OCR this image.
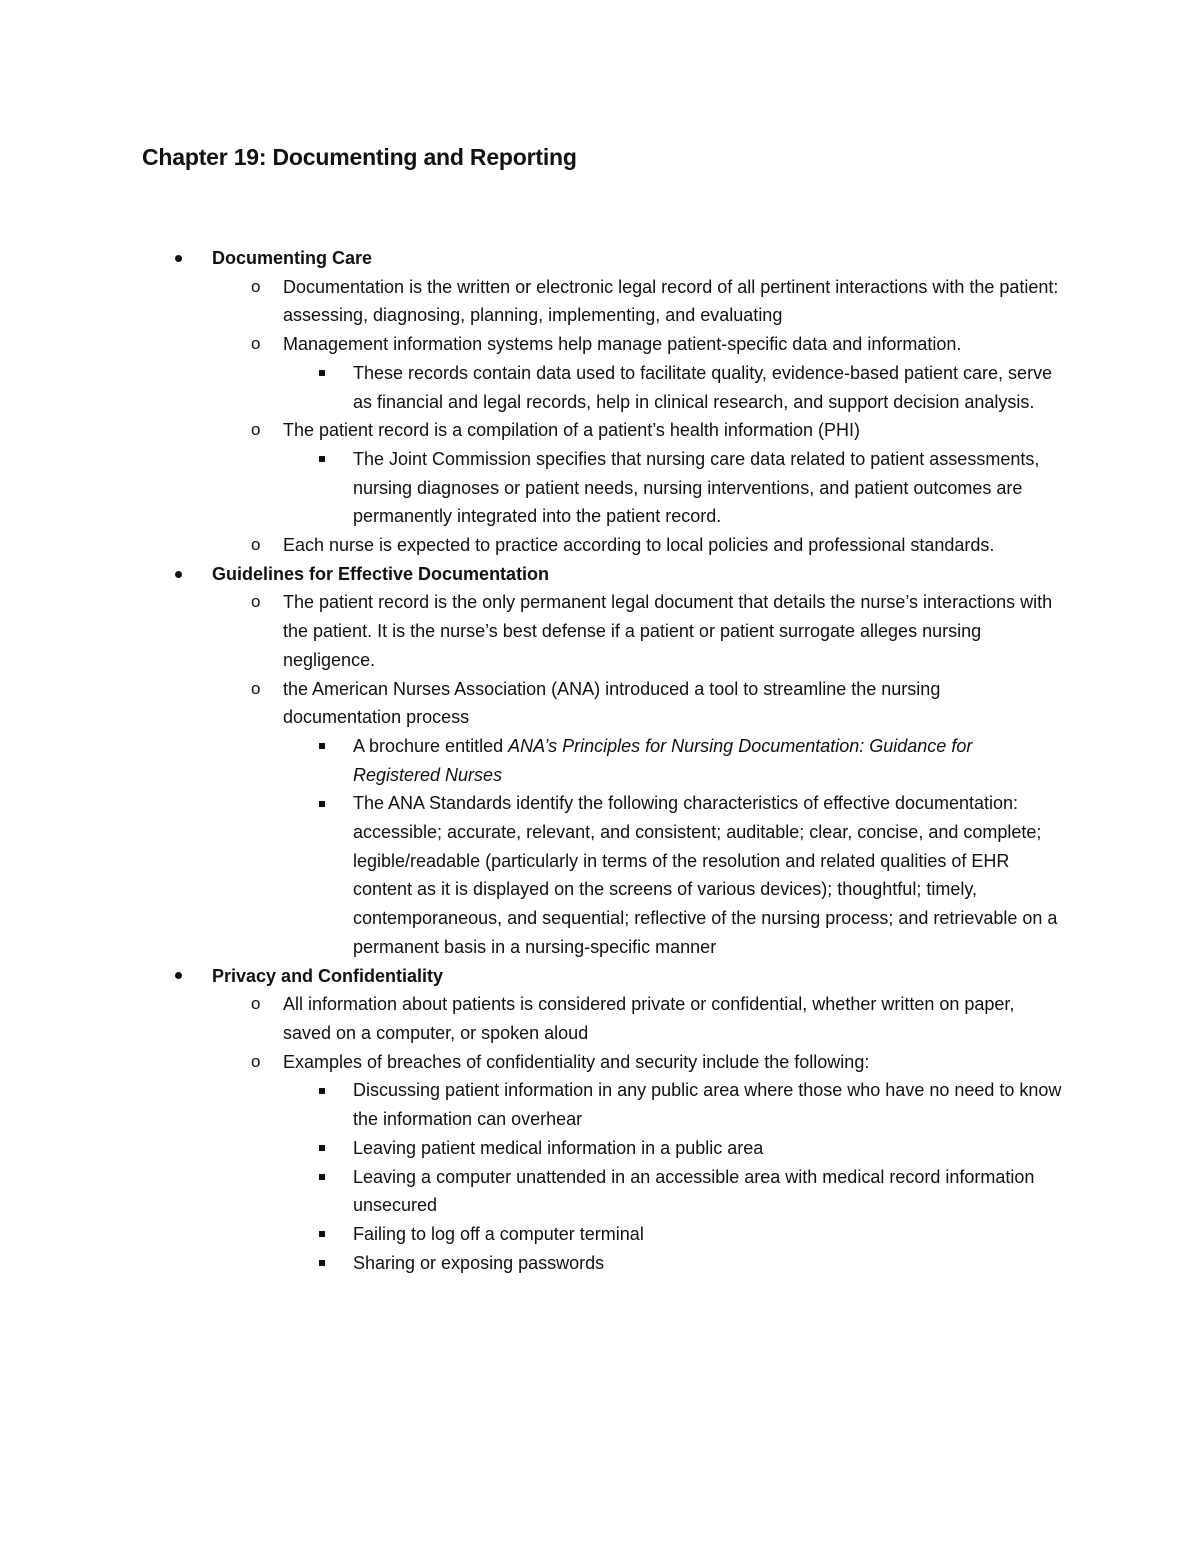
Chapter 19: Documenting and Reporting
Documenting Care
o Documentation is the written or electronic legal record of all pertinent interactions with the patient: assessing, diagnosing, planning, implementing, and evaluating
o Management information systems help manage patient-specific data and information.
These records contain data used to facilitate quality, evidence-based patient care, serve as financial and legal records, help in clinical research, and support decision analysis.
o The patient record is a compilation of a patient’s health information (PHI)
The Joint Commission specifies that nursing care data related to patient assessments, nursing diagnoses or patient needs, nursing interventions, and patient outcomes are permanently integrated into the patient record.
o Each nurse is expected to practice according to local policies and professional standards.
Guidelines for Effective Documentation
o The patient record is the only permanent legal document that details the nurse’s interactions with the patient. It is the nurse’s best defense if a patient or patient surrogate alleges nursing negligence.
o the American Nurses Association (ANA) introduced a tool to streamline the nursing documentation process
A brochure entitled ANA’s Principles for Nursing Documentation: Guidance for Registered Nurses
The ANA Standards identify the following characteristics of effective documentation: accessible; accurate, relevant, and consistent; auditable; clear, concise, and complete; legible/readable (particularly in terms of the resolution and related qualities of EHR content as it is displayed on the screens of various devices); thoughtful; timely, contemporaneous, and sequential; reflective of the nursing process; and retrievable on a permanent basis in a nursing-specific manner
Privacy and Confidentiality
o All information about patients is considered private or confidential, whether written on paper, saved on a computer, or spoken aloud
o Examples of breaches of confidentiality and security include the following:
Discussing patient information in any public area where those who have no need to know the information can overhear
Leaving patient medical information in a public area
Leaving a computer unattended in an accessible area with medical record information unsecured
Failing to log off a computer terminal
Sharing or exposing passwords
